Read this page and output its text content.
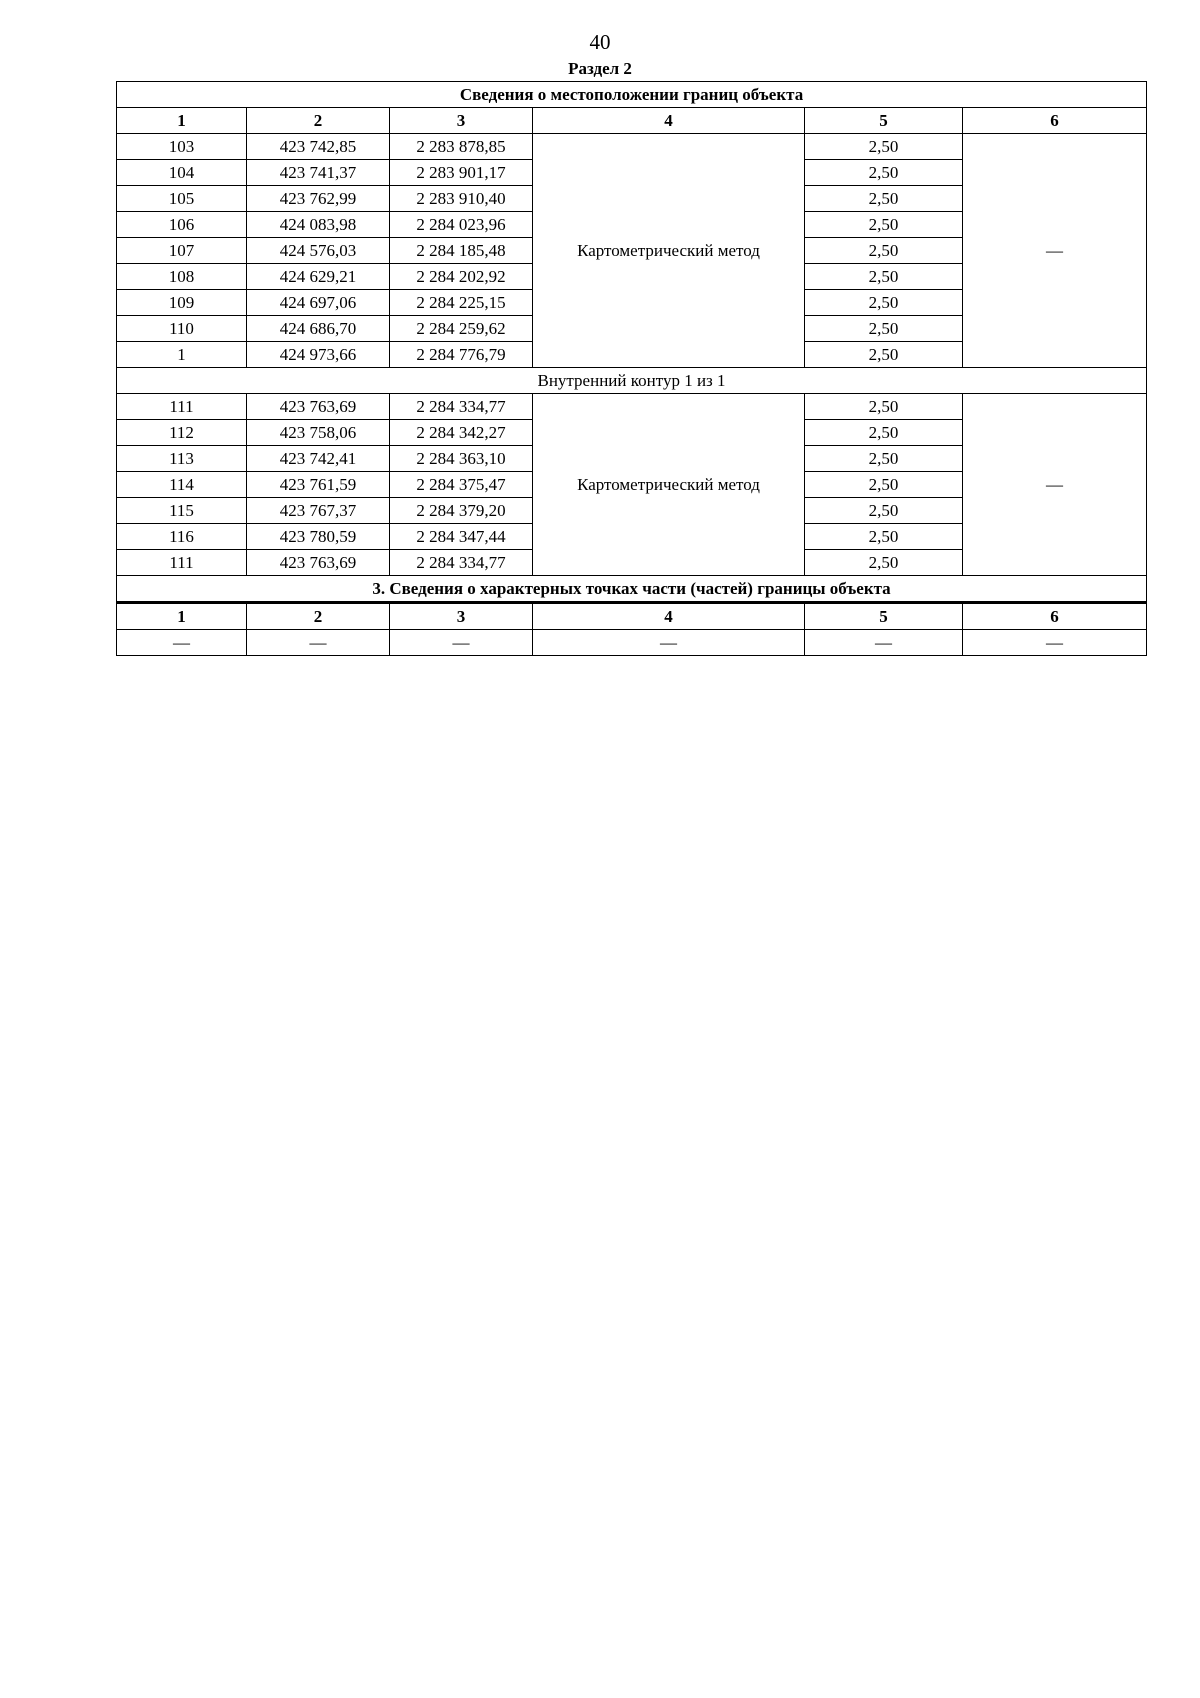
40
Раздел 2
Сведения о местоположении границ объекта					
1	2	3	4	5	6
103	423 742,85	2 283 878,85	Картометрический метод	2,50	—
104	423 741,37	2 283 901,17		2,50	
105	423 762,99	2 283 910,40		2,50	
106	424 083,98	2 284 023,96		2,50	
107	424 576,03	2 284 185,48		2,50	
108	424 629,21	2 284 202,92		2,50	
109	424 697,06	2 284 225,15		2,50	
110	424 686,70	2 284 259,62		2,50	
1	424 973,66	2 284 776,79		2,50	
Внутренний контур 1 из 1					
111	423 763,69	2 284 334,77	Картометрический метод	2,50	—
112	423 758,06	2 284 342,27		2,50	
113	423 742,41	2 284 363,10		2,50	
114	423 761,59	2 284 375,47		2,50	
115	423 767,37	2 284 379,20		2,50	
116	423 780,59	2 284 347,44		2,50	
111	423 763,69	2 284 334,77		2,50	
3. Сведения о характерных точках части (частей) границы объекта					
1	2	3	4	5	6
—	—	—	—	—	—
